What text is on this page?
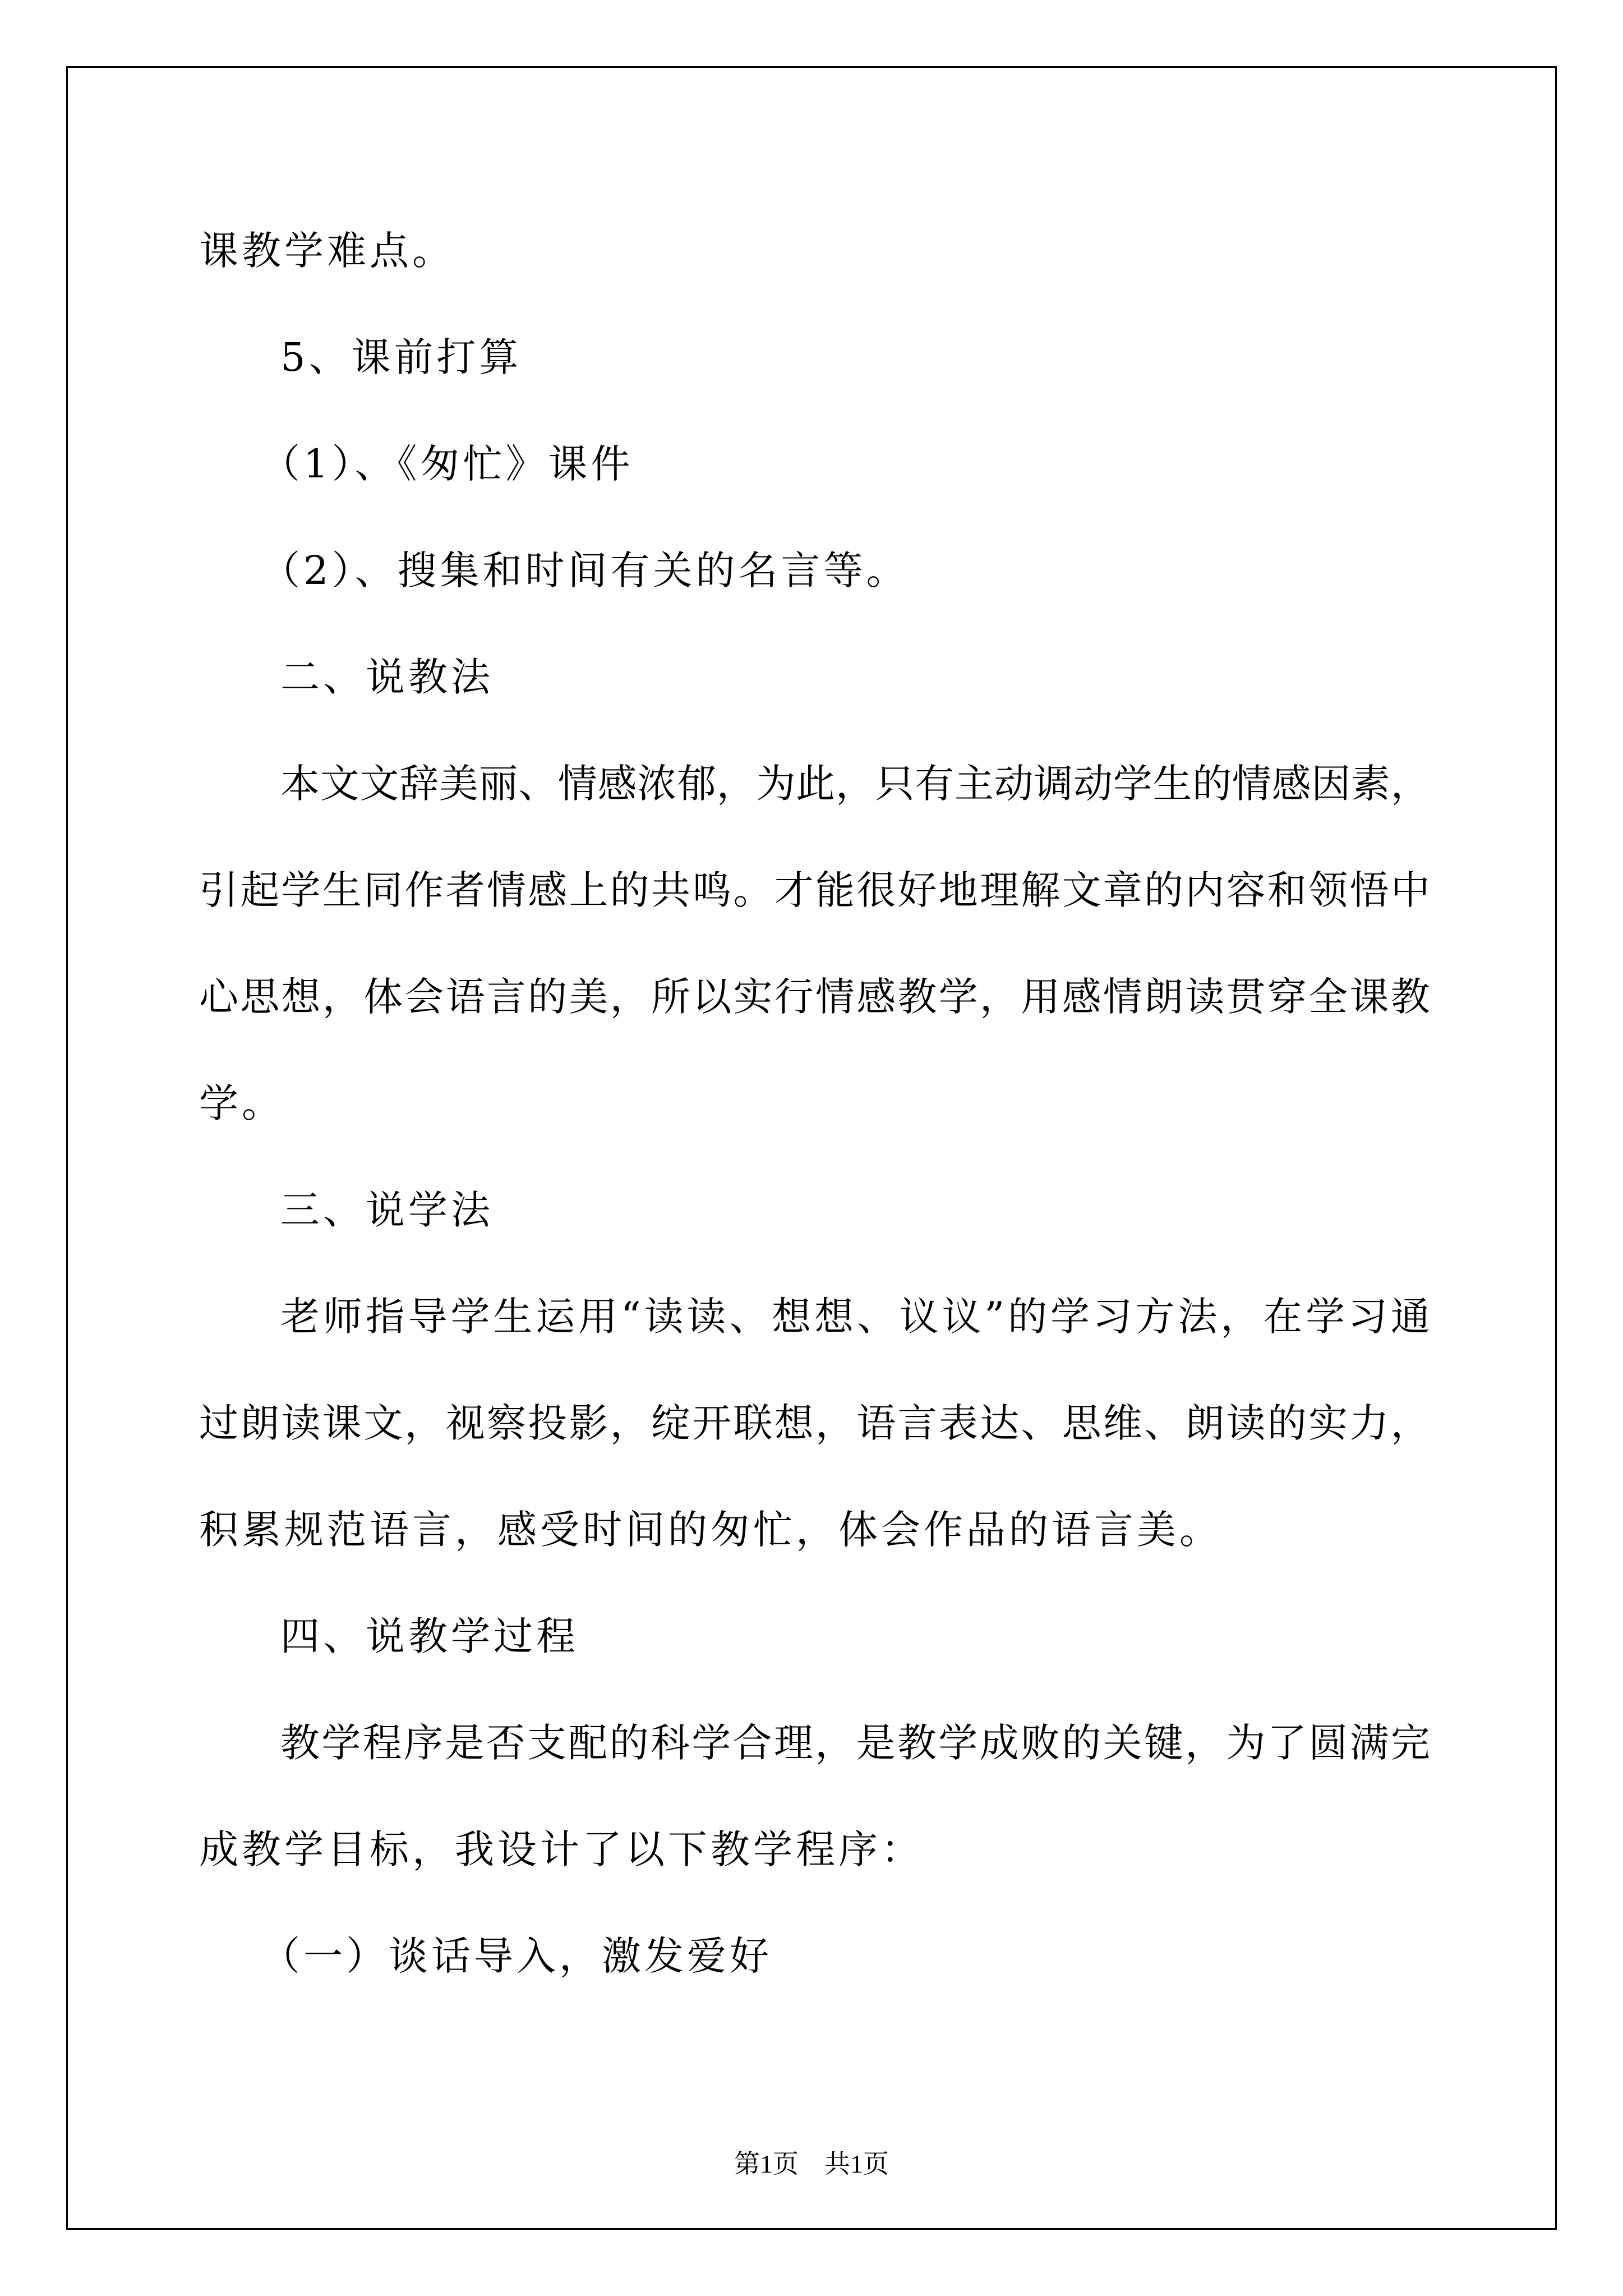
课教学难点。
5、课前打算
（1）、《匆忙》课件
（2）、搜集和时间有关的名言等。
二、说教法
本 文 文 辞 美 丽 、 情 感 浓 郁 ， 为 此 ， 只 有 主 动 调 动 学 生 的 情 感 因 素 ，
引 起 学 生 同 作 者 情 感 上 的 共 鸣 。 才 能 很 好 地 理 解 文 章 的 内 容 和 领 悟 中
心 思 想 ， 体 会 语 言 的 美 ， 所 以 实 行 情 感 教 学 ， 用 感 情 朗 读 贯 穿 全 课 教
学。
三、说学法
老 师 指 导 学 生 运 用 “ 读 读 、 想 想 、 议 议 ” 的 学 习 方 法 ， 在 学 习 通
过 朗 读 课 文 ， 视 察 投 影 ， 绽 开 联 想 ， 语 言 表 达 、 思 维 、 朗 读 的 实 力 ，
积累规范语言，感受时间的匆忙，体会作品的语言美。
四、说教学过程
教 学 程 序 是 否 支 配 的 科 学 合 理 ， 是 教 学 成 败 的 关 键 ， 为 了 圆 满 完
成教学目标，我设计了以下教学程序：
（一）谈话导入，激发爱好
第1页　共1页
